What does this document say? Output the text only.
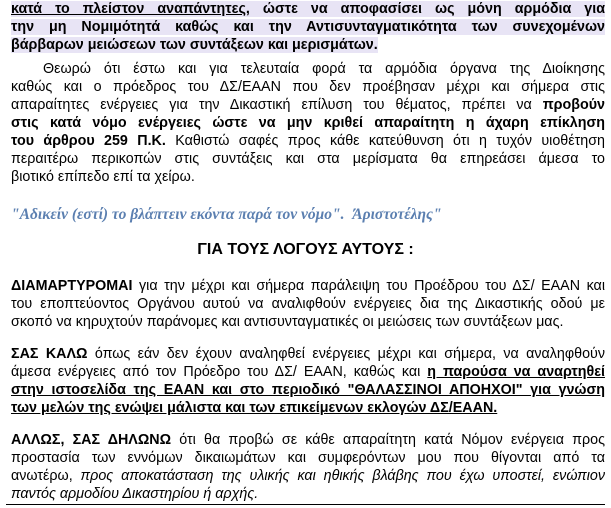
κατά το πλείστον αναπάντητες, ώστε να αποφασίσει ως μόνη αρμόδια για
την μη Νομιμότητά καθώς και την Αντισυνταγματικότητα των συνεχομένων
βάρβαρων μειώσεων των συντάξεων και μερισμάτων.
Θεωρώ ότι έστω και για τελευταία φορά τα αρμόδια όργανα της Διοίκησης
καθώς και ο πρόεδρος του ΔΣ/ΕΑΑΝ που δεν προέβησαν μέχρι και σήμερα στις
απαραίτητες ενέργειες για την Δικαστική επίλυση του θέματος, πρέπει να προβούν
στις κατά νόμο ενέργειες ώστε να μην κριθεί απαραίτητη η άχαρη επίκληση
του άρθρου 259 Π.Κ. Καθιστώ σαφές προς κάθε κατεύθυνση ότι η τυχόν υιοθέτηση
περαιτέρω περικοπών στις συντάξεις και στα μερίσματα θα επηρεάσει άμεσα το
βιοτικό επίπεδο επί τα χείρω.
"Αδικείν (εστί) το βλάπτειν εκόντα παρά τον νόμο". Άριστοτέλης"
ΓΙΑ ΤΟΥΣ ΛΟΓΟΥΣ ΑΥΤΟΥΣ :
ΔΙΑΜΑΡΤΥΡΟΜΑΙ για την μέχρι και σήμερα παράλειψη του Προέδρου του ΔΣ/ ΕΑΑΝ και
του εποπτεύοντος Οργάνου αυτού να αναλιφθούν ενέργειες δια της Δικαστικής οδού με
σκοπό να κηρυχτούν παράνομες και αντισυνταγματικές οι μειώσεις των συντάξεων μας.
ΣΑΣ ΚΑΛΩ όπως εάν δεν έχουν αναληφθεί ενέργειες μέχρι και σήμερα, να αναληφθούν
άμεσα ενέργειες από τον Πρόεδρο του ΔΣ/ ΕΑΑΝ, καθώς και η παρούσα να αναρτηθεί
στην ιστοσελίδα της ΕΑΑΝ και στο περιοδικό "ΘΑΛΑΣΣΙΝΟΙ ΑΠΟΗΧΟΙ" για γνώση
των μελών της ενώψει μάλιστα και των επικείμενων εκλογών ΔΣ/ΕΑΑΝ.
ΑΛΛΩΣ, ΣΑΣ ΔΗΛΩΝΩ ότι θα προβώ σε κάθε απαραίτητη κατά Νόμον ενέργεια προς
προστασία των εννόμων δικαιωμάτων και συμφερόντων μου που θίγονται από τα
ανωτέρω, προς αποκατάσταση της υλικής και ηθικής βλάβης που έχω υποστεί, ενώπιον
παντός αρμοδίου Δικαστηρίου ή αρχής.
